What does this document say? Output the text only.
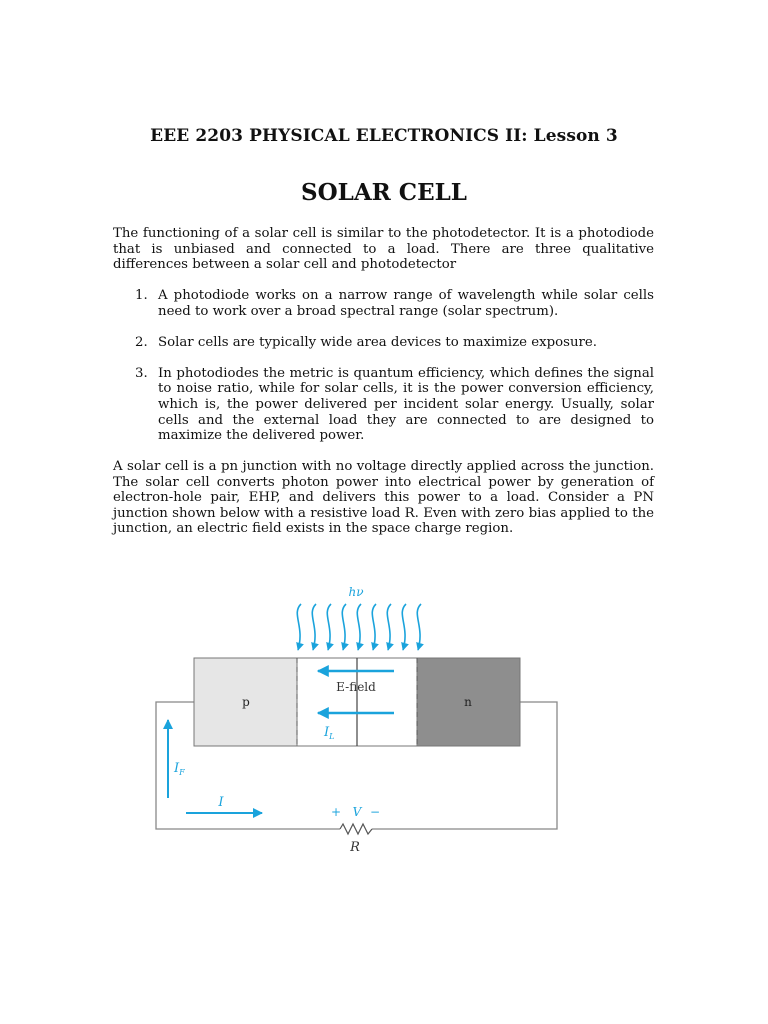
EEE 2203 PHYSICAL ELECTRONICS II: Lesson 3
SOLAR CELL

The functioning of a solar cell is similar to the photodetector. It is a photodiode that is unbiased and connected to a load. There are three qualitative differences between a solar cell and photodetector

1. A photodiode works on a narrow range of wavelength while solar cells need to work over a broad spectral range (solar spectrum).
2. Solar cells are typically wide area devices to maximize exposure.
3. In photodiodes the metric is quantum efficiency, which defines the signal to noise ratio, while for solar cells, it is the power conversion efficiency, which is, the power delivered per incident solar energy. Usually, solar cells and the external load they are connected to are designed to maximize the delivered power.

A solar cell is a pn junction with no voltage directly applied across the junction. The solar cell converts photon power into electrical power by generation of electron-hole pair, EHP, and delivers this power to a load. Consider a PN junction shown below with a resistive load R. Even with zero bias applied to the junction, an electric field exists in the space charge region.

hν
p	n
E-field
$I_L$
$I_F$
I
+ V −
R
